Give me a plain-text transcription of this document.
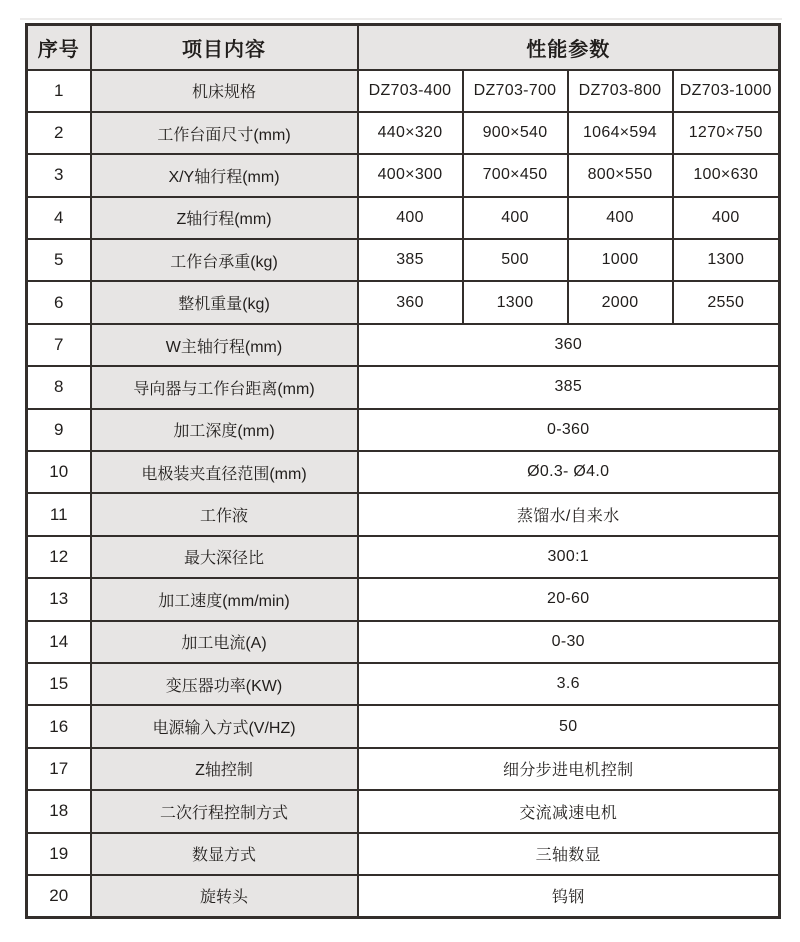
序号	项目内容	性能参数			
1	机床规格	DZ703-400	DZ703-700	DZ703-800	DZ703-1000
2	工作台面尺寸(mm)	440×320	900×540	1064×594	1270×750
3	X/Y轴行程(mm)	400×300	700×450	800×550	100×630
4	Z轴行程(mm)	400	400	400	400
5	工作台承重(kg)	385	500	1000	1300
6	整机重量(kg)	360	1300	2000	2550
7	W主轴行程(mm)	360			
8	导向器与工作台距离(mm)	385			
9	加工深度(mm)	0-360			
10	电极装夹直径范围(mm)	Ø0.3- Ø4.0			
11	工作液	蒸馏水/自来水			
12	最大深径比	300:1			
13	加工速度(mm/min)	20-60			
14	加工电流(A)	0-30			
15	变压器功率(KW)	3.6			
16	电源输入方式(V/HZ)	50			
17	Z轴控制	细分步进电机控制			
18	二次行程控制方式	交流减速电机			
19	数显方式	三轴数显			
20	旋转头	钨钢			
